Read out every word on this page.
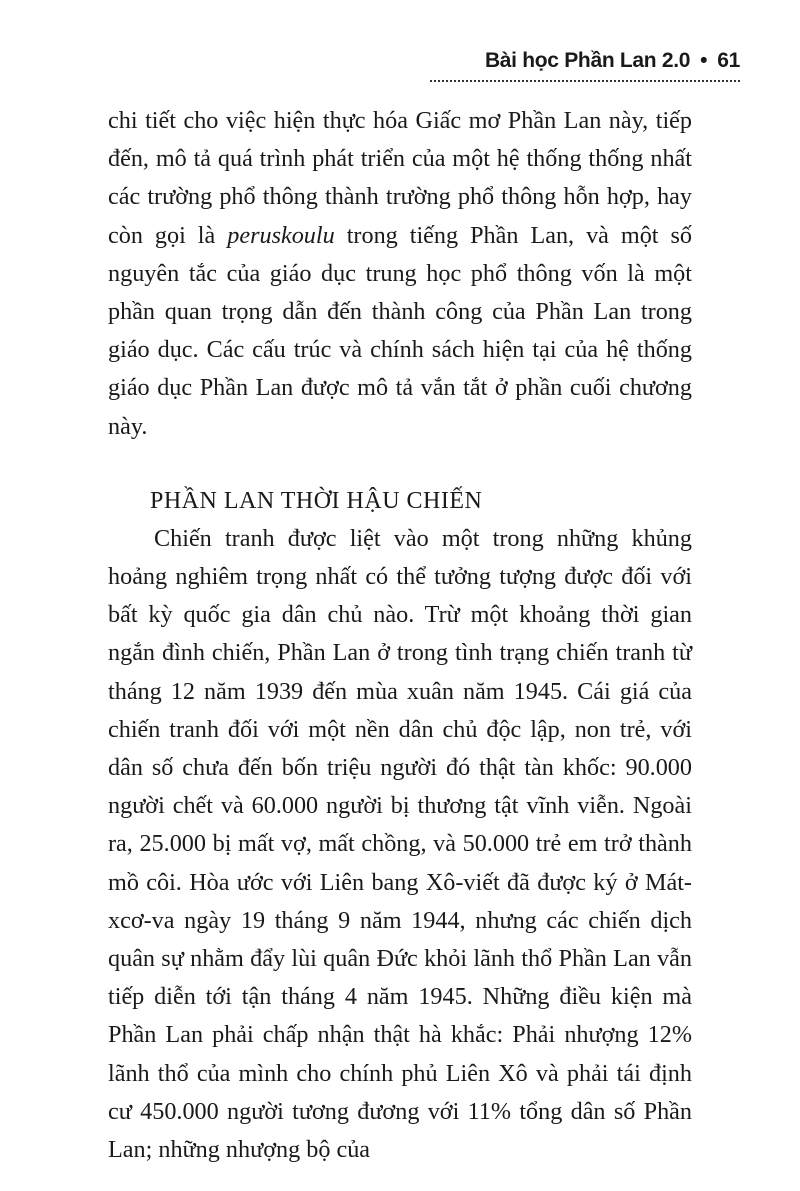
Bài học Phần Lan 2.0 • 61

chi tiết cho việc hiện thực hóa Giấc mơ Phần Lan này, tiếp đến, mô tả quá trình phát triển của một hệ thống thống nhất các trường phổ thông thành trường phổ thông hỗn hợp, hay còn gọi là peruskoulu trong tiếng Phần Lan, và một số nguyên tắc của giáo dục trung học phổ thông vốn là một phần quan trọng dẫn đến thành công của Phần Lan trong giáo dục. Các cấu trúc và chính sách hiện tại của hệ thống giáo dục Phần Lan được mô tả vắn tắt ở phần cuối chương này.

PHẦN LAN THỜI HẬU CHIẾN

Chiến tranh được liệt vào một trong những khủng hoảng nghiêm trọng nhất có thể tưởng tượng được đối với bất kỳ quốc gia dân chủ nào. Trừ một khoảng thời gian ngắn đình chiến, Phần Lan ở trong tình trạng chiến tranh từ tháng 12 năm 1939 đến mùa xuân năm 1945. Cái giá của chiến tranh đối với một nền dân chủ độc lập, non trẻ, với dân số chưa đến bốn triệu người đó thật tàn khốc: 90.000 người chết và 60.000 người bị thương tật vĩnh viễn. Ngoài ra, 25.000 bị mất vợ, mất chồng, và 50.000 trẻ em trở thành mồ côi. Hòa ước với Liên bang Xô-viết đã được ký ở Mát-xcơ-va ngày 19 tháng 9 năm 1944, nhưng các chiến dịch quân sự nhằm đẩy lùi quân Đức khỏi lãnh thổ Phần Lan vẫn tiếp diễn tới tận tháng 4 năm 1945. Những điều kiện mà Phần Lan phải chấp nhận thật hà khắc: Phải nhượng 12% lãnh thổ của mình cho chính phủ Liên Xô và phải tái định cư 450.000 người tương đương với 11% tổng dân số Phần Lan; những nhượng bộ của
